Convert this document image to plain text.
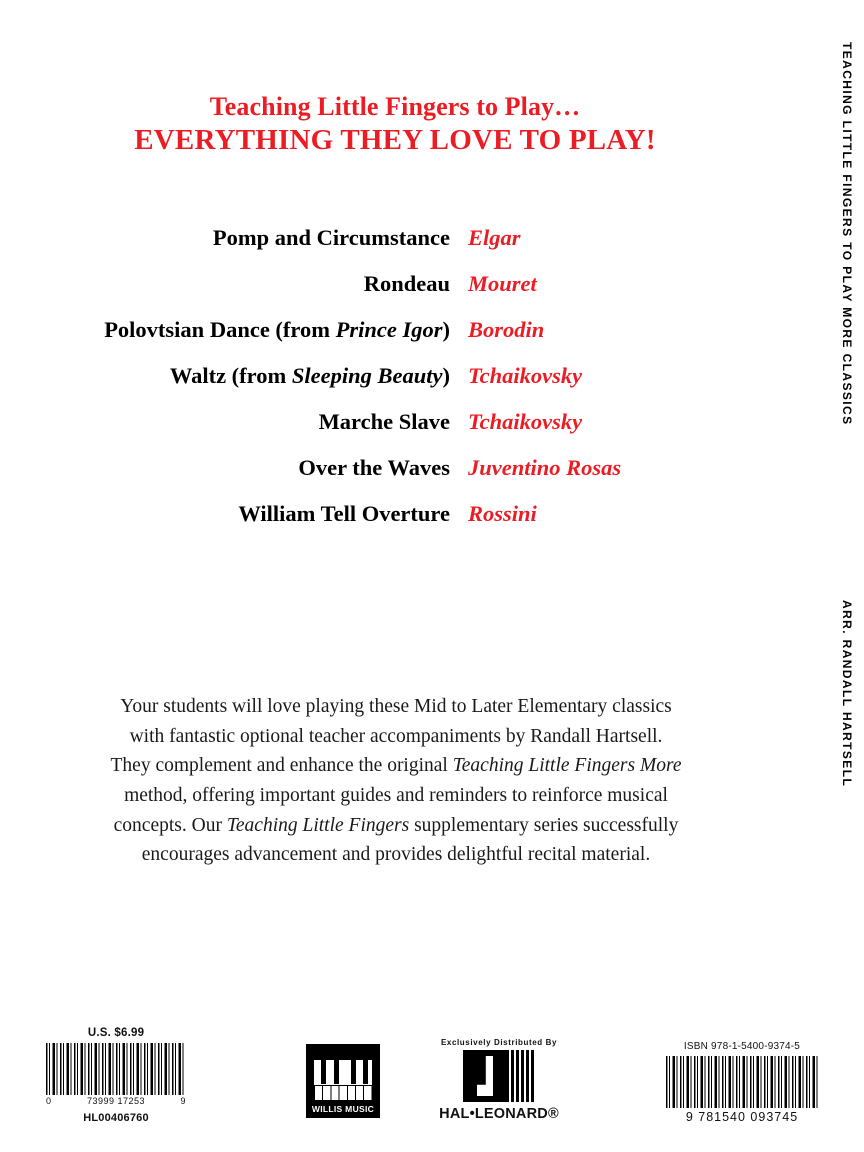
Teaching Little Fingers to Play…
EVERYTHING THEY LOVE TO PLAY!
Pomp and Circumstance Elgar
Rondeau Mouret
Polovtsian Dance (from Prince Igor) Borodin
Waltz (from Sleeping Beauty) Tchaikovsky
Marche Slave Tchaikovsky
Over the Waves Juventino Rosas
William Tell Overture Rossini
Your students will love playing these Mid to Later Elementary classics with fantastic optional teacher accompaniments by Randall Hartsell. They complement and enhance the original Teaching Little Fingers More method, offering important guides and reminders to reinforce musical concepts. Our Teaching Little Fingers supplementary series successfully encourages advancement and provides delightful recital material.
TEACHING LITTLE FINGERS TO PLAY MORE CLASSICS
ARR. RANDALL HARTSELL
U.S. $6.99
0	73999 17253	9
HL00406760
WILLIS MUSIC
Exclusively Distributed By
HAL•LEONARD®
ISBN 978-1-5400-9374-5
9 781540 093745
